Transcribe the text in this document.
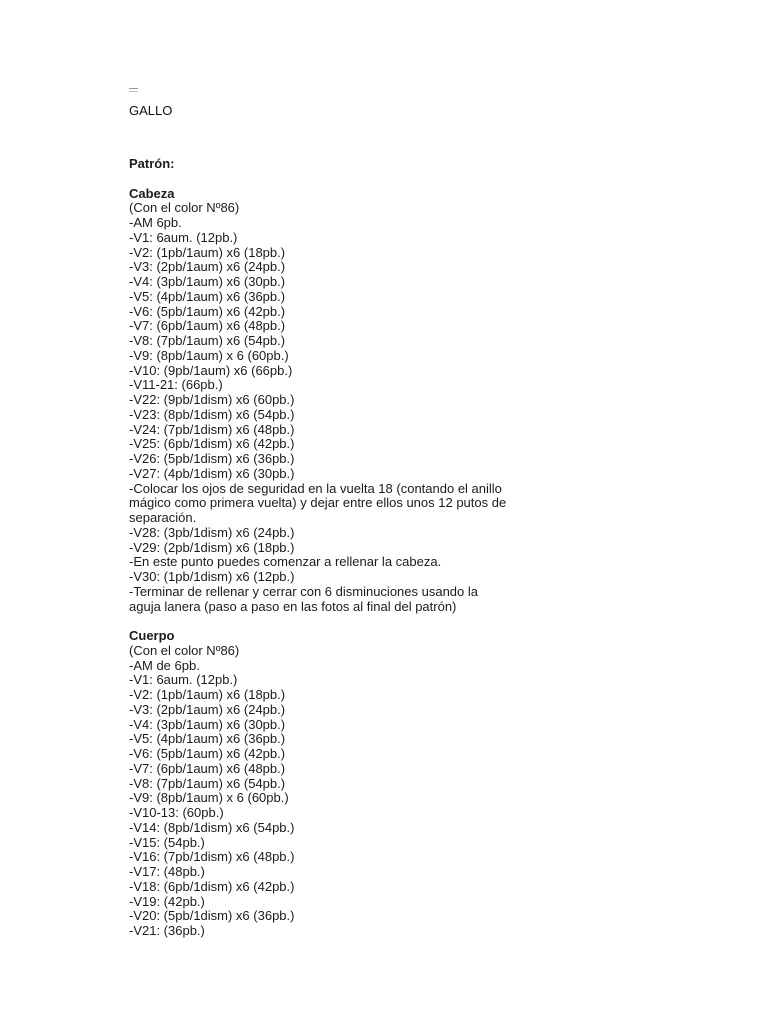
GALLO
Patrón:
Cabeza
(Con el color Nº86)
-AM 6pb.
-V1: 6aum. (12pb.)
-V2: (1pb/1aum) x6 (18pb.)
-V3: (2pb/1aum) x6 (24pb.)
-V4: (3pb/1aum) x6 (30pb.)
-V5: (4pb/1aum) x6 (36pb.)
-V6: (5pb/1aum) x6 (42pb.)
-V7: (6pb/1aum) x6 (48pb.)
-V8: (7pb/1aum) x6 (54pb.)
-V9: (8pb/1aum) x 6 (60pb.)
-V10: (9pb/1aum) x6 (66pb.)
-V11-21: (66pb.)
-V22: (9pb/1dism) x6 (60pb.)
-V23: (8pb/1dism) x6 (54pb.)
-V24: (7pb/1dism) x6 (48pb.)
-V25: (6pb/1dism) x6 (42pb.)
-V26: (5pb/1dism) x6 (36pb.)
-V27: (4pb/1dism) x6 (30pb.)
-Colocar los ojos de seguridad en la vuelta 18 (contando el anillo mágico como primera vuelta) y dejar entre ellos unos 12 putos de separación.
-V28: (3pb/1dism) x6 (24pb.)
-V29: (2pb/1dism) x6 (18pb.)
-En este punto puedes comenzar a rellenar la cabeza.
-V30: (1pb/1dism) x6 (12pb.)
-Terminar de rellenar y cerrar con 6 disminuciones usando la aguja lanera (paso a paso en las fotos al final del patrón)
Cuerpo
(Con el color Nº86)
-AM de 6pb.
-V1: 6aum. (12pb.)
-V2: (1pb/1aum) x6 (18pb.)
-V3: (2pb/1aum) x6 (24pb.)
-V4: (3pb/1aum) x6 (30pb.)
-V5: (4pb/1aum) x6 (36pb.)
-V6: (5pb/1aum) x6 (42pb.)
-V7: (6pb/1aum) x6 (48pb.)
-V8: (7pb/1aum) x6 (54pb.)
-V9: (8pb/1aum) x 6 (60pb.)
-V10-13: (60pb.)
-V14: (8pb/1dism) x6 (54pb.)
-V15: (54pb.)
-V16: (7pb/1dism) x6 (48pb.)
-V17: (48pb.)
-V18: (6pb/1dism) x6 (42pb.)
-V19: (42pb.)
-V20: (5pb/1dism) x6 (36pb.)
-V21: (36pb.)
